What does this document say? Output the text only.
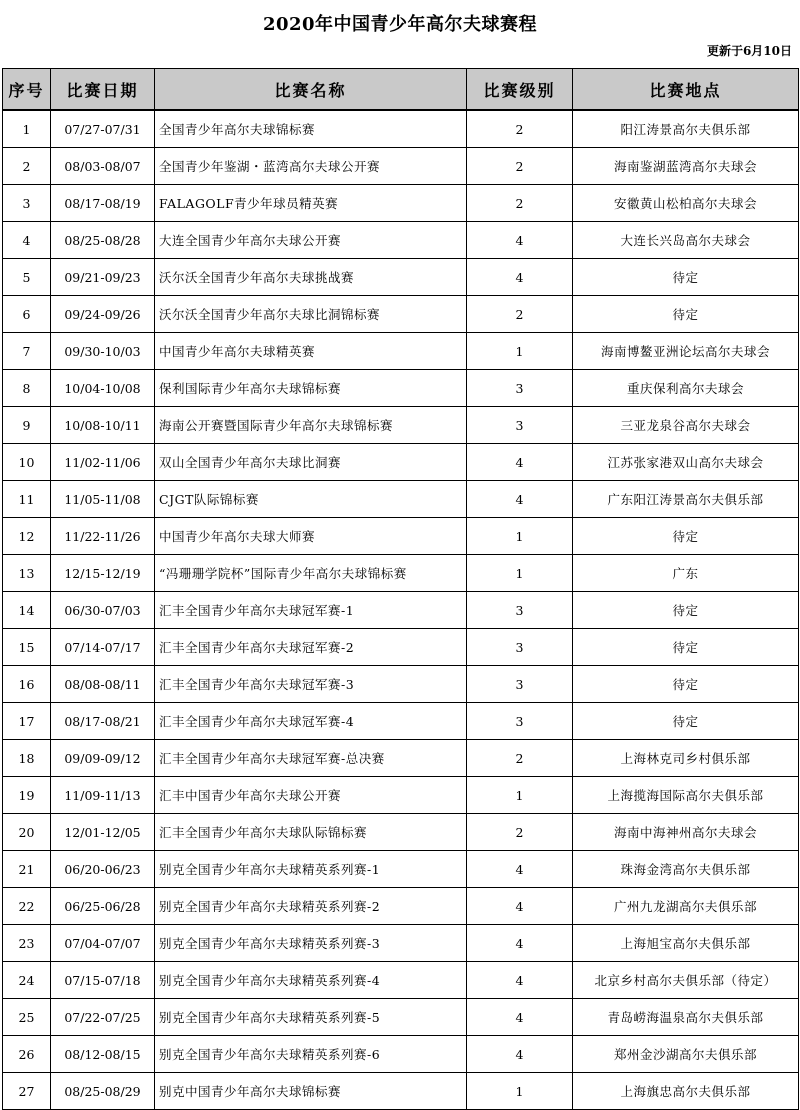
2020年中国青少年高尔夫球赛程
更新于6月10日
序号	比赛日期	比赛名称	比赛级别	比赛地点
1	07/27-07/31	全国青少年高尔夫球锦标赛	2	阳江涛景高尔夫俱乐部
2	08/03-08/07	全国青少年鉴湖・蓝湾高尔夫球公开赛	2	海南鉴湖蓝湾高尔夫球会
3	08/17-08/19	FALAGOLF青少年球员精英赛	2	安徽黄山松柏高尔夫球会
4	08/25-08/28	大连全国青少年高尔夫球公开赛	4	大连长兴岛高尔夫球会
5	09/21-09/23	沃尔沃全国青少年高尔夫球挑战赛	4	待定
6	09/24-09/26	沃尔沃全国青少年高尔夫球比洞锦标赛	2	待定
7	09/30-10/03	中国青少年高尔夫球精英赛	1	海南博鳌亚洲论坛高尔夫球会
8	10/04-10/08	保利国际青少年高尔夫球锦标赛	3	重庆保利高尔夫球会
9	10/08-10/11	海南公开赛暨国际青少年高尔夫球锦标赛	3	三亚龙泉谷高尔夫球会
10	11/02-11/06	双山全国青少年高尔夫球比洞赛	4	江苏张家港双山高尔夫球会
11	11/05-11/08	CJGT队际锦标赛	4	广东阳江涛景高尔夫俱乐部
12	11/22-11/26	中国青少年高尔夫球大师赛	1	待定
13	12/15-12/19	“冯珊珊学院杯”国际青少年高尔夫球锦标赛	1	广东
14	06/30-07/03	汇丰全国青少年高尔夫球冠军赛-1	3	待定
15	07/14-07/17	汇丰全国青少年高尔夫球冠军赛-2	3	待定
16	08/08-08/11	汇丰全国青少年高尔夫球冠军赛-3	3	待定
17	08/17-08/21	汇丰全国青少年高尔夫球冠军赛-4	3	待定
18	09/09-09/12	汇丰全国青少年高尔夫球冠军赛-总决赛	2	上海林克司乡村俱乐部
19	11/09-11/13	汇丰中国青少年高尔夫球公开赛	1	上海揽海国际高尔夫俱乐部
20	12/01-12/05	汇丰全国青少年高尔夫球队际锦标赛	2	海南中海神州高尔夫球会
21	06/20-06/23	别克全国青少年高尔夫球精英系列赛-1	4	珠海金湾高尔夫俱乐部
22	06/25-06/28	别克全国青少年高尔夫球精英系列赛-2	4	广州九龙湖高尔夫俱乐部
23	07/04-07/07	别克全国青少年高尔夫球精英系列赛-3	4	上海旭宝高尔夫俱乐部
24	07/15-07/18	别克全国青少年高尔夫球精英系列赛-4	4	北京乡村高尔夫俱乐部（待定）
25	07/22-07/25	别克全国青少年高尔夫球精英系列赛-5	4	青岛崂海温泉高尔夫俱乐部
26	08/12-08/15	别克全国青少年高尔夫球精英系列赛-6	4	郑州金沙湖高尔夫俱乐部
27	08/25-08/29	别克中国青少年高尔夫球锦标赛	1	上海旗忠高尔夫俱乐部
